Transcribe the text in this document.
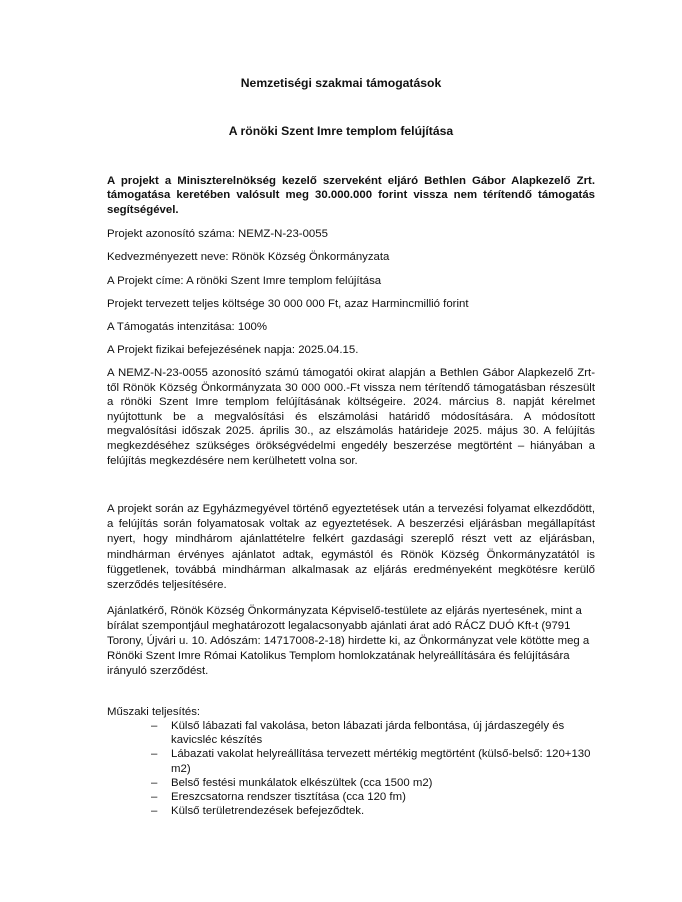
Nemzetiségi szakmai támogatások

A rönöki Szent Imre templom felújítása

A projekt a Miniszterelnökség kezelő szerveként eljáró Bethlen Gábor Alapkezelő Zrt. támogatása keretében valósult meg 30.000.000 forint vissza nem térítendő támogatás segítségével.

Projekt azonosító száma: NEMZ-N-23-0055

Kedvezményezett neve: Rönök Község Önkormányzata

A Projekt címe: A rönöki Szent Imre templom felújítása

Projekt tervezett teljes költsége 30 000 000 Ft, azaz Harmincmillió forint

A Támogatás intenzitása: 100%

A Projekt fizikai befejezésének napja: 2025.04.15.

A NEMZ-N-23-0055 azonosító számú támogatói okirat alapján a Bethlen Gábor Alapkezelő Zrt-től Rönök Község Önkormányzata 30 000 000.-Ft vissza nem térítendő támogatásban részesült a rönöki Szent Imre templom felújításának költségeire. 2024. március 8. napját kérelmet nyújtottunk be a megvalósítási és elszámolási határidő módosítására. A módosított megvalósítási időszak 2025. április 30., az elszámolás határideje 2025. május 30. A felújítás megkezdéséhez szükséges örökségvédelmi engedély beszerzése megtörtént – hiányában a felújítás megkezdésére nem kerülhetett volna sor.

A projekt során az Egyházmegyével történő egyeztetések után a tervezési folyamat elkezdődött, a felújítás során folyamatosak voltak az egyeztetések. A beszerzési eljárásban megállapítást nyert, hogy mindhárom ajánlattételre felkért gazdasági szereplő részt vett az eljárásban, mindhárman érvényes ajánlatot adtak, egymástól és Rönök Község Önkormányzatától is függetlenek, továbbá mindhárman alkalmasak az eljárás eredményeként megkötésre kerülő szerződés teljesítésére.

Ajánlatkérő, Rönök Község Önkormányzata Képviselő-testülete az eljárás nyertesének, mint a bírálat szempontjául meghatározott legalacsonyabb ajánlati árat adó RÁCZ DUÓ Kft-t (9791 Torony, Újvári u. 10. Adószám: 14717008-2-18) hirdette ki, az Önkormányzat vele kötötte meg a Rönöki Szent Imre Római Katolikus Templom homlokzatának helyreállítására és felújítására irányuló szerződést.

Műszaki teljesítés:

– Külső lábazati fal vakolása, beton lábazati járda felbontása, új járdaszegély és kavicsléc készítés
– Lábazati vakolat helyreállítása tervezett mértékig megtörtént (külső-belső: 120+130 m2)
– Belső festési munkálatok elkészültek (cca 1500 m2)
– Ereszcsatorna rendszer tisztítása (cca 120 fm)
– Külső területrendezések befejeződtek.
